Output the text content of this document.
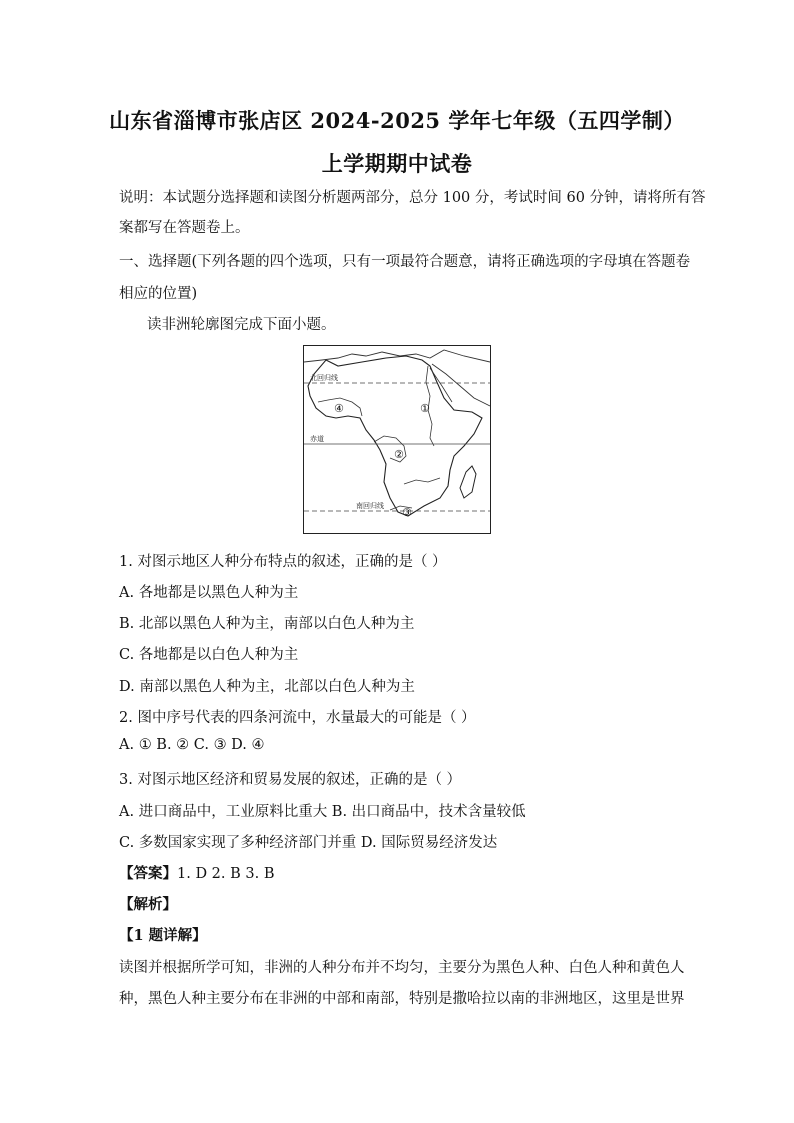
山东省淄博市张店区 2024-2025 学年七年级（五四学制）
上学期期中试卷
说明：本试题分选择题和读图分析题两部分，总分 100 分，考试时间 60 分钟，请将所有答
案都写在答题卷上。
一、选择题(下列各题的四个选项，只有一项最符合题意，请将正确选项的字母填在答题卷
相应的位置)
读非洲轮廓图完成下面小题。
北回归线
赤道
南回归线
①
②
③
④
1. 对图示地区人种分布特点的叙述，正确的是（ ）
A. 各地都是以黑色人种为主
B. 北部以黑色人种为主，南部以白色人种为主
C. 各地都是以白色人种为主
D. 南部以黑色人种为主，北部以白色人种为主
2. 图中序号代表的四条河流中，水量最大的可能是（ ）
A. ① B. ② C. ③ D. ④
3. 对图示地区经济和贸易发展的叙述，正确的是（ ）
A. 进口商品中，工业原料比重大 B. 出口商品中，技术含量较低
C. 多数国家实现了多种经济部门并重 D. 国际贸易经济发达
【答案】1. D 2. B 3. B
【解析】
【1 题详解】
读图并根据所学可知，非洲的人种分布并不均匀，主要分为黑色人种、白色人种和黄色人
种，黑色人种主要分布在非洲的中部和南部，特别是撒哈拉以南的非洲地区，这里是世界
